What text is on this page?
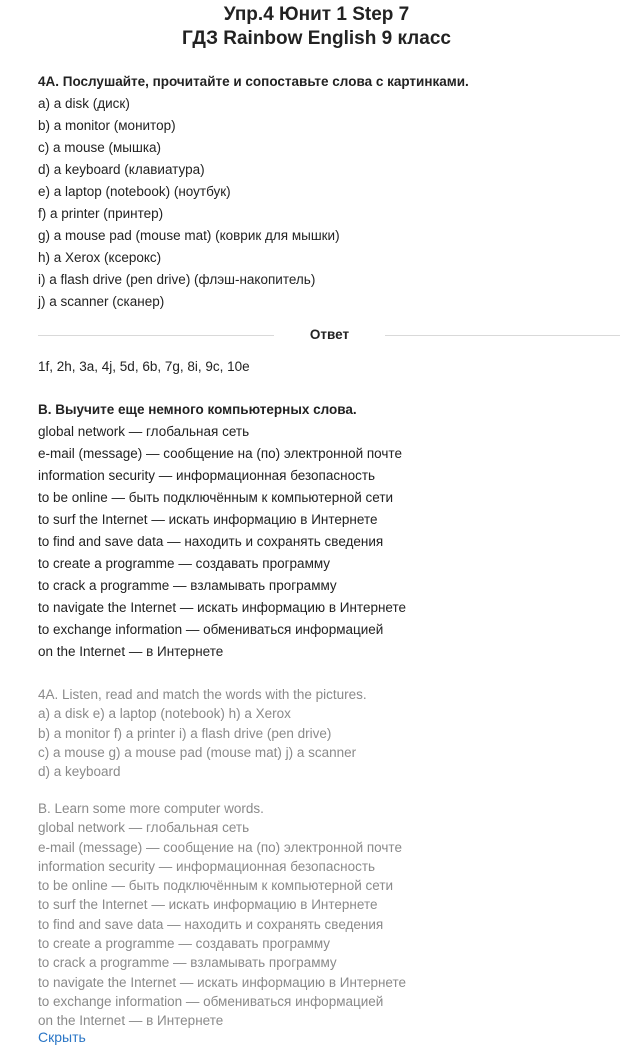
Упр.4 Юнит 1 Step 7
ГДЗ Rainbow English 9 класс
4А. Послушайте, прочитайте и сопоставьте слова с картинками.
a) a disk (диск)
b) a monitor (монитор)
c) a mouse (мышка)
d) a keyboard (клавиатура)
e) a laptop (notebook) (ноутбук)
f) a printer (принтер)
g) a mouse pad (mouse mat) (коврик для мышки)
h) a Xerox (ксерокс)
i) a flash drive (pen drive) (флэш-накопитель)
j) a scanner (сканер)
Ответ
1f, 2h, 3a, 4j, 5d, 6b, 7g, 8i, 9c, 10e
B. Выучите еще немного компьютерных слова.
global network — глобальная сеть
e-mail (message) — сообщение на (по) электронной почте
information security — информационная безопасность
to be online — быть подключённым к компьютерной сети
to surf the Internet — искать информацию в Интернете
to find and save data — находить и сохранять сведения
to create a programme — создавать программу
to crack a programme — взламывать программу
to navigate the Internet — искать информацию в Интернете
to exchange information — обмениваться информацией
on the Internet — в Интернете
4A. Listen, read and match the words with the pictures.
a) a disk e) a laptop (notebook) h) a Xerox
b) a monitor f) a printer i) a flash drive (pen drive)
c) a mouse g) a mouse pad (mouse mat) j) a scanner
d) a keyboard
B. Learn some more computer words.
global network — глобальная сеть
e-mail (message) — сообщение на (по) электронной почте
information security — информационная безопасность
to be online — быть подключённым к компьютерной сети
to surf the Internet — искать информацию в Интернете
to find and save data — находить и сохранять сведения
to create a programme — создавать программу
to crack a programme — взламывать программу
to navigate the Internet — искать информацию в Интернете
to exchange information — обмениваться информацией
on the Internet — в Интернете
Скрыть
